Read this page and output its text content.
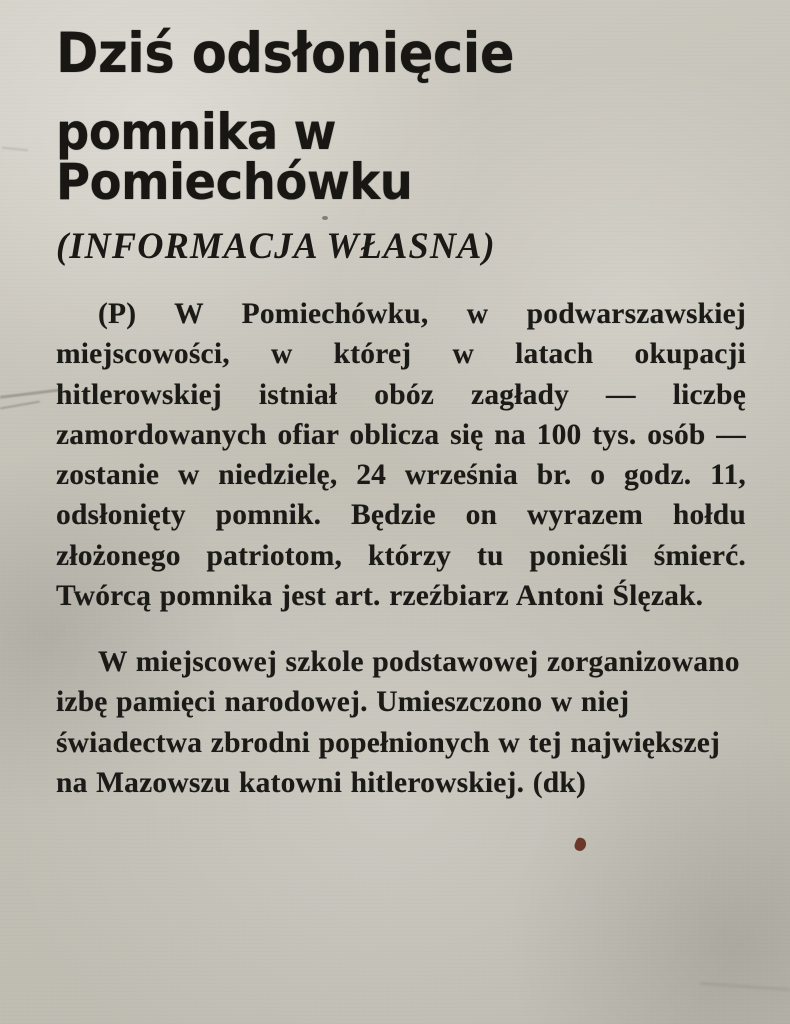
Dziś odsłonięcie
pomnika w Pomiechówku
(INFORMACJA WŁASNA)

(P) W Pomiechówku, w podwarszawskiej miejscowości, w której w latach okupacji hitlerowskiej istniał obóz zagłady — liczbę zamordowanych ofiar oblicza się na 100 tys. osób — zostanie w niedzielę, 24 września br. o godz. 11, odsłonięty pomnik. Będzie on wyrazem hołdu złożonego patriotom, którzy tu ponieśli śmierć. Twórcą pomnika jest art. rzeźbiarz Antoni Ślęzak.

W miejscowej szkole podstawowej zorganizowano izbę pamięci narodowej. Umieszczono w niej świadectwa zbrodni popełnionych w tej największej na Mazowszu katowni hitlerowskiej. (dk)
